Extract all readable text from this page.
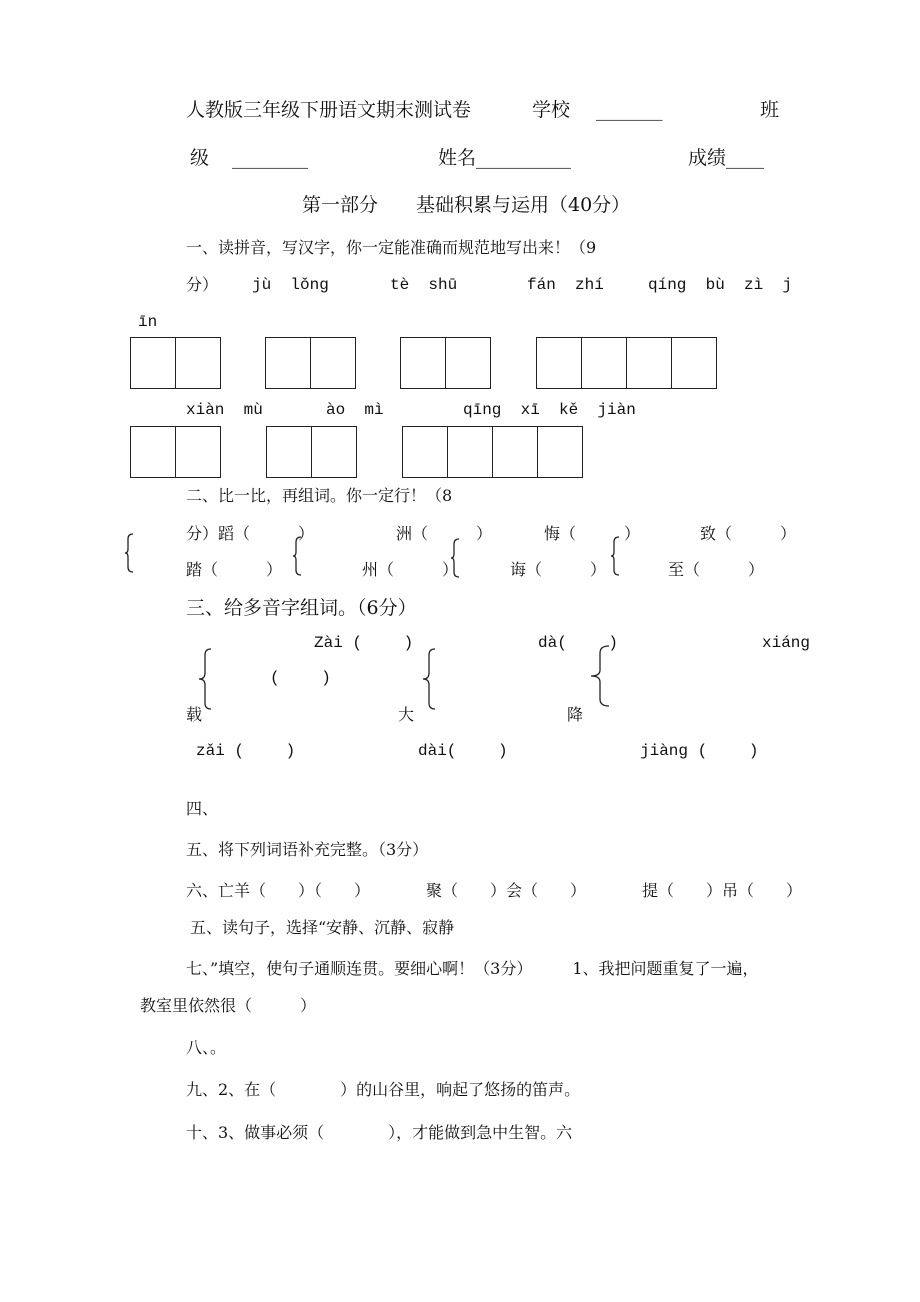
人教版三年级下册语文期末测试卷	学校 _______	班
级 ________	姓名__________	成绩____
第一部分　　基础积累与运用（40分）
一、读拼音，写汉字，你一定能准确而规范地写出来！（9
分） jù  lǒng	tè  shū	fán  zhí	qíng  bù  zì  j
īn
xiàn  mù	ào  mì	qīng  xī  kě  jiàn
二、比一比，再组词。你一定行！（8
分） 蹈（　　　）
踏（　　　）
洲（　　　）
州（　　　）
悔（　　　）
诲（　　　）
致（　　　）
至（　　　）
三、给多音字组词。（6分）
Zài (　　 )
(　　 )
载
zǎi (　　 )
dà(　　 )
大
dài(　　 )
xiáng
降
jiàng (　　 )
四、
五、将下列词语补充完整。（3分）
六、亡羊（　　）（　　）　　　　聚（　　）会（　　）　　　　提（　　）吊（　　）
五、读句子，选择“安静、沉静、寂静
七、”填空，使句子通顺连贯。要细心啊！（3分）　　　1、我把问题重复了一遍，
教室里依然很（　　　）
八、。
九、2、在（　　　　）的山谷里，响起了悠扬的笛声。
十、3、做事必须（　　　　），才能做到急中生智。六
